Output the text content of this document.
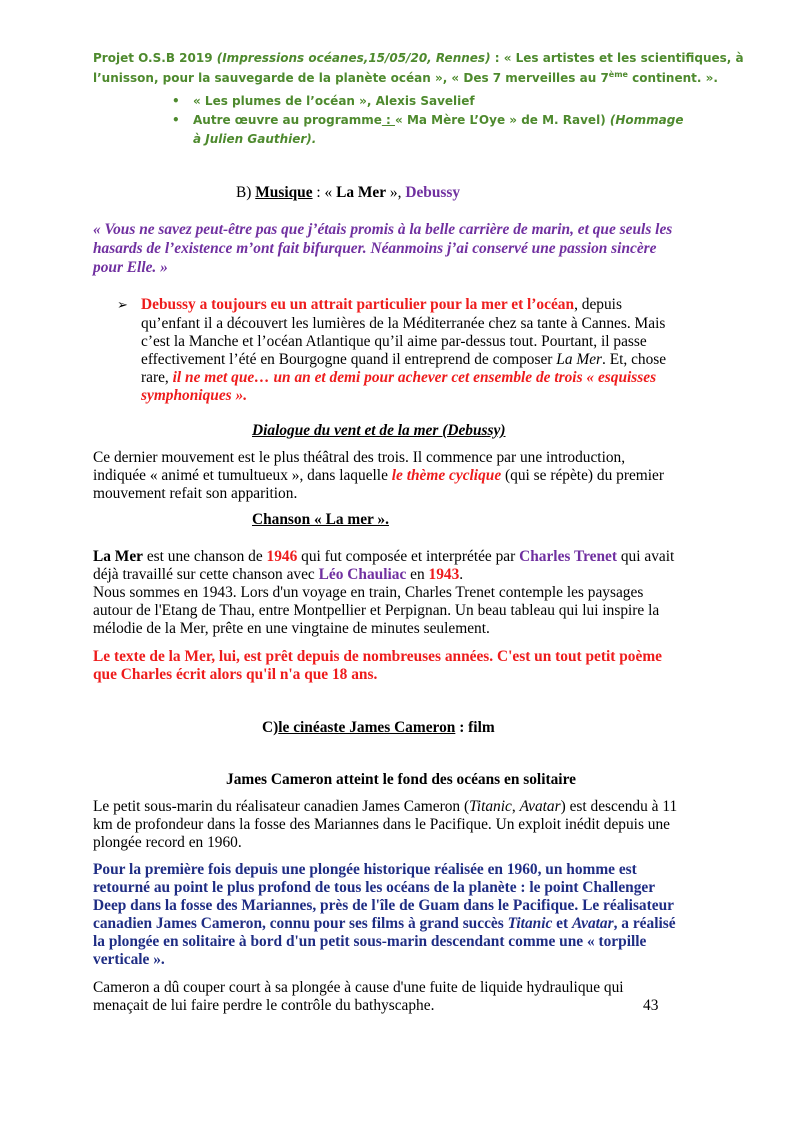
Projet O.S.B 2019 (Impressions océanes,15/05/20, Rennes) : « Les artistes et les scientifiques, à
l’unisson, pour la sauvegarde de la planète océan », « Des 7 merveilles au 7ème continent. ».
• « Les plumes de l’océan », Alexis Savelief
• Autre œuvre au programme : « Ma Mère L’Oye » de M. Ravel) (Hommage
à Julien Gauthier).
B) Musique : « La Mer », Debussy
« Vous ne savez peut-être pas que j’étais promis à la belle carrière de marin, et que seuls les
hasards de l’existence m’ont fait bifurquer. Néanmoins j’ai conservé une passion sincère
pour Elle. »
➢ Debussy a toujours eu un attrait particulier pour la mer et l’océan, depuis
qu’enfant il a découvert les lumières de la Méditerranée chez sa tante à Cannes. Mais
c’est la Manche et l’océan Atlantique qu’il aime par-dessus tout. Pourtant, il passe
effectivement l’été en Bourgogne quand il entreprend de composer La Mer. Et, chose
rare, il ne met que… un an et demi pour achever cet ensemble de trois « esquisses
symphoniques ».
Dialogue du vent et de la mer (Debussy)
Ce dernier mouvement est le plus théâtral des trois. Il commence par une introduction,
indiquée « animé et tumultueux », dans laquelle le thème cyclique (qui se répète) du premier
mouvement refait son apparition.
Chanson « La mer ».
La Mer est une chanson de 1946 qui fut composée et interprétée par Charles Trenet qui avait
déjà travaillé sur cette chanson avec Léo Chauliac en 1943.
Nous sommes en 1943. Lors d'un voyage en train, Charles Trenet contemple les paysages
autour de l'Etang de Thau, entre Montpellier et Perpignan. Un beau tableau qui lui inspire la
mélodie de la Mer, prête en une vingtaine de minutes seulement.
Le texte de la Mer, lui, est prêt depuis de nombreuses années. C'est un tout petit poème
que Charles écrit alors qu'il n'a que 18 ans.
C)le cinéaste James Cameron : film
James Cameron atteint le fond des océans en solitaire
Le petit sous-marin du réalisateur canadien James Cameron (Titanic, Avatar) est descendu à 11
km de profondeur dans la fosse des Mariannes dans le Pacifique. Un exploit inédit depuis une
plongée record en 1960.
Pour la première fois depuis une plongée historique réalisée en 1960, un homme est
retourné au point le plus profond de tous les océans de la planète : le point Challenger
Deep dans la fosse des Mariannes, près de l'île de Guam dans le Pacifique. Le réalisateur
canadien James Cameron, connu pour ses films à grand succès Titanic et Avatar, a réalisé
la plongée en solitaire à bord d'un petit sous-marin descendant comme une « torpille
verticale ».
Cameron a dû couper court à sa plongée à cause d'une fuite de liquide hydraulique qui
menaçait de lui faire perdre le contrôle du bathyscaphe.	43
